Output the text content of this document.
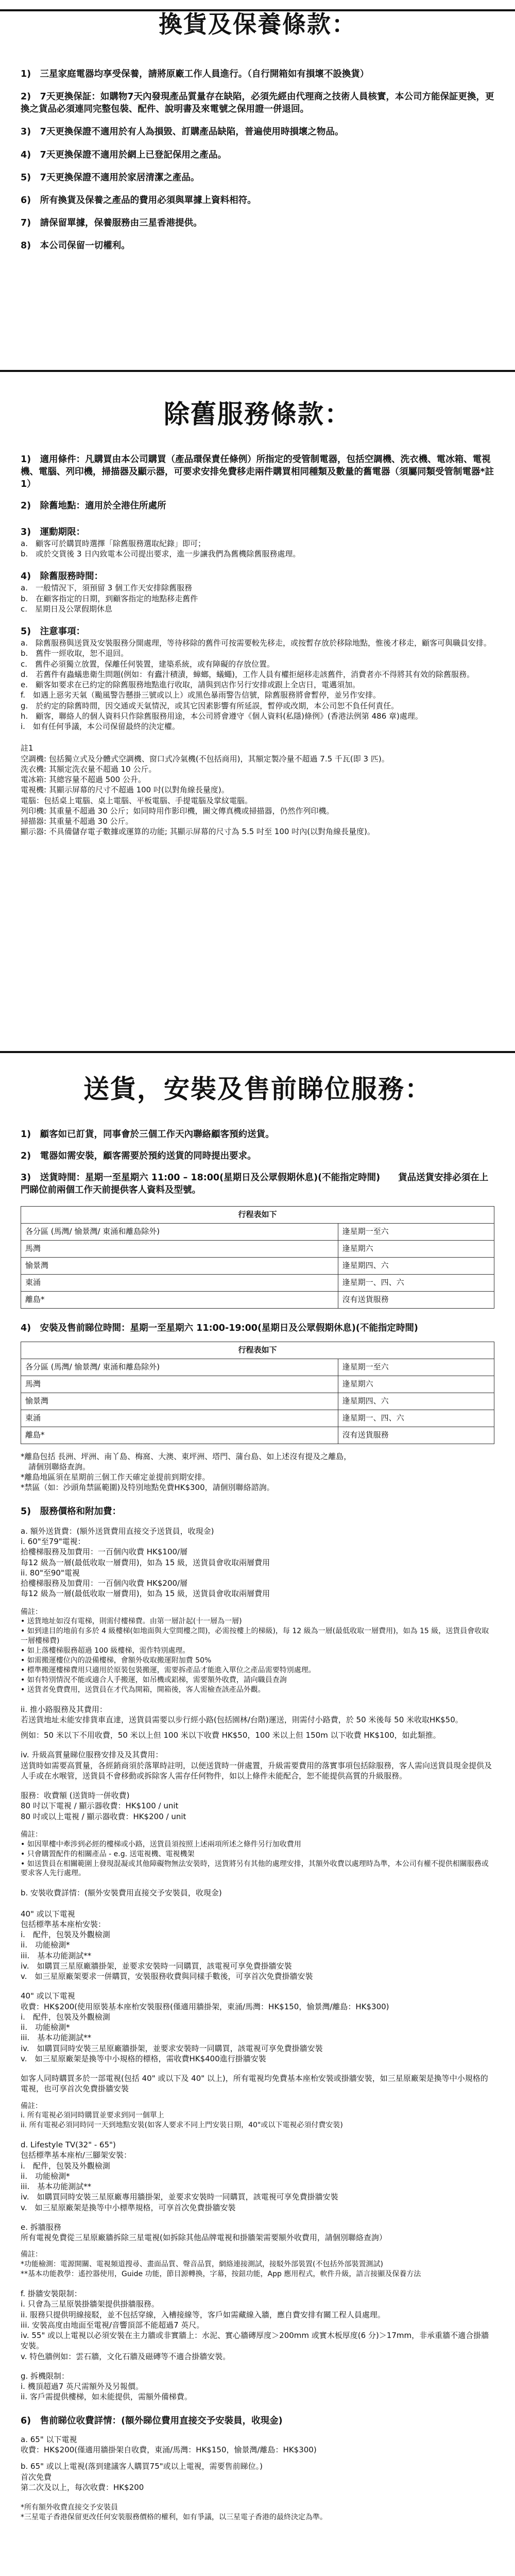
換貨及保養條款：

1)　三星家庭電器均享受保養，請將原廠工作人員進行。（自行開箱如有損壞不設換貨）

2)　7天更換保証：如購物7天內發現產品質量存在缺陷，必須先經由代理商之技術人員核實，本公司方能保証更換，更換之貨品必須連同完整包裝、配件、說明書及來電號之保用證一併退回。

3)　7天更換保證不適用於有人為損毀、訂購產品缺陷，普遍使用時損壞之物品。

4)　7天更換保證不適用於網上已登記保用之產品。

5)　7天更換保證不適用於家居清潔之產品。

6)　所有換貨及保養之產品的費用必須與單據上資料相符。

7)　請保留單據，保養服務由三星香港提供。

8)　本公司保留一切權利。

除舊服務條款：

1)　適用條件：凡購買由本公司購買（產品環保責任條例）所指定的受管制電器，包括空調機、洗衣機、電冰箱、電視機、電腦、列印機，掃描器及顯示器，可要求安排免費移走兩件購買相同種類及數量的舊電器（須屬同類受管制電器*註1）

2)　除舊地點：適用於全港住所處所

3)　運動期限：

a.　顧客可於購買時選擇「除舊服務選取紀錄」即可；
b.　或於交貨後 3 日內致電本公司提出要求，進一步讓我們為舊機除舊服務處理。

4)　除舊服務時間：

a.　一般情況下，須預留 3 個工作天安排除舊服務
b.　在顧客指定的日期，到顧客指定的地點移走舊件
c.　星期日及公眾假期休息

5)　注意事項：

a.　除舊服務與送貨及安裝服務分開處理，等待移除的舊件可按需要較先移走，或按暫存放於移除地點，惟後才移走，顧客可與職員安排。
b.　舊件一經收取，恕不退回。
c.　舊件必須獨立放置，保離任何裝置，建築系統，或有障礙的存放位置。
d.　若舊件有蟲蟻患衛生問題(例如：有蠹汁積漬，蟑螂，蟻蠅)，工作人員有權拒絕移走該舊件，消費者亦不得將其有效的除舊服務。
e.　顧客如要求在已約定的除舊服務地點進行收取，請與到店作另行安排或跟上全店日，電邁須加。
f.　如遇上惡劣天氣（颱風警告懸掛三號或以上）或黑色暴雨警告信號，除舊服務將會暫停，並另作安排。
g.　於約定的除舊時間，因交通或天氣情況，或其它因素影響有所延誤，暫停或改期，本公司恕不負任何責任。
h.　顧客，聯絡人的個人資料只作除舊服務用途，本公司將會遵守《個人資料(私隱)條例》(香港法例第 486 章)處理。
i.　如有任何爭議，本公司保留最終的決定權。
註1
空調機: 包括獨立式及分體式空調機、窗口式冷氣機(不包括商用)，其額定製冷量不超過 7.5 千瓦(即 3 匹)。
洗衣機: 其額定洗衣量不超過 10 公斤。
電冰箱: 其總容量不超過 500 公升。
電視機: 其顯示屏幕的尺寸不超過 100 吋(以對角線長量度)。
電腦：包括桌上電腦、桌上電腦、平板電腦、手提電腦及掌紋電腦。
列印機: 其重量不超過 30 公斤；如同時用作影印機，圖文傳真機或掃描器，仍然作列印機。
掃描器: 其重量不超過 30 公斤。
顯示器: 不具備儲存電子數據或運算的功能; 其顯示屏幕的尺寸為 5.5 吋至 100 吋內(以對角線長量度)。
送貨，安裝及售前睇位服務：

1)　顧客如已訂貨，同事會於三個工作天內聯絡顧客預約送貨。

2)　電器如需安裝，顧客需要於預約送貨的同時提出要求。

3)　送貨時間：星期一至星期六 11:00 – 18:00(星期日及公眾假期休息)(不能指定時間)　　貨品送貨安排必須在上門睇位前兩個工作天前提供客人資料及型號。

行程表如下	
各分區 (馬灣/ 愉景灣/ 東涌和離島除外)	逢星期一至六
馬灣	逢星期六
愉景灣	逢星期四、六
東涌	逢星期一、四、六
離島*	沒有送貨服務

4)　安裝及售前睇位時間：星期一至星期六 11:00-19:00(星期日及公眾假期休息)(不能指定時間)

行程表如下	
各分區 (馬灣/ 愉景灣/ 東涌和離島除外)	逢星期一至六
馬灣	逢星期六
愉景灣	逢星期四、六
東涌	逢星期一、四、六
離島*	沒有送貨服務
*離島包括 長洲、坪洲、南丫島、梅窩、大澳、東坪洲、塔門、蒲台島、如上述沒有提及之離島，
　請個別聯絡查詢。
*離島地區須在星期前三個工作天確定並提前到期安排。
*禁區（如：沙頭角禁區範圍)及特別地點免費HK$300，請個別聯絡諮詢。

5)　服務價格和附加費：

a. 額外送貨費：(額外送貨費用直接交予送貨員，收現金)
i. 60"至79"電視：
拾樓梯服務及加費用：一百個內收費 HK$100/層
每12 級為一層(最低收取一層費用)，如為 15 級，送貨員會收取兩層費用
ii. 80"至90"電視
拾樓梯服務及加費用：一百個內收費 HK$200/層
每12 級為一層(最低收取一層費用)，如為 15 級，送貨員會收取兩層費用
備註：
• 送貨地址如沒有電梯，則需付樓梯費。由第一層計起(十一層為一層)
• 如到達目的地前有多於 4 級樓梯(如地面與大堂間樓之間)，必需按樓上的梯級)，每 12 級為一層(最低收取一層費用)，如為 15 級，送貨員會收取一層樓梯費)
• 如上落樓梯服務超過 100 級樓梯，需作特別處理。
• 如需搬運樓位內的設備樓梯，會額外收取搬運附加費 50%
• 標準搬運樓梯費用只適用於原裝包裝搬運，需要拆產品才能進入單位之產品需要特別處理。
• 如有特別情況不能或適合人手搬運，如吊機或鋁梯，需要額外收費，請向職員查詢
• 送貨者免費費用，送貨員在才代為開箱，開箱後，客人需檢查該產品外觀。
ii. 推小路服務及其費用：
若送貨地址未能安排貨車直達，送貨員需要以步行經小路(包括園林/台階)運送，則需付小路費，於 50 米後每 50 米收取HK$50。
例如：50 米以下不用收費，50 米以上但 100 米以下收費 HK$50，100 米以上但 150m 以下收費 HK$100，如此類推。
iv. 升級高質量睇位服務安排及及其費用：
送貨時如需要高質量，各經銷商須於落單時註明，以便送貨時一併處置，升級需要費用的落實事項包括除服務，客人需向送貨員現金提供及人手或在水喉管，送貨員不會移動或拆除客人需存任何物件，如以上條件未能配合，恕不能提供高質的升級服務。
服務：收費額 (送貨時一併收費)
80 吋以下電視 / 顯示器收費：HK$100 / unit
80 吋或以上電視 / 顯示器收費：HK$200 / unit
備註：
• 如因單樓中牽涉到必經的樓梯或小路，送貨員須按照上述兩項所述之條件另行加收費用
• 只會購置配件的相關產品 - e.g. 送電視機、電視機架
• 如送貨員在相關範圍上發現混凝或其他障礙物無法安裝時，送貨將另有其他的處理安排，其額外收費以處理時為準，本公司有權不提供相關服務或要求客人先行處理。
b. 安裝收費詳情：(額外安裝費用直接交予安裝員，收現金)
40" 或以下電視
包括標準基本座枱安裝：
i.　配件，包裝及外觀檢測
ii.　功能檢測*
iii.　基本功能測試**
iv.　如購買三星原廠牆掛架，並要求安裝時一同購買，該電視可享免費掛牆安裝
v.　如三星原廠架要求一併購買，安裝服務收費與同樣手數後，可享首次免費掛牆安裝
40" 或以下電視
收費：HK$200(使用原裝基本座枱安裝服務(僅適用牆掛架，東涌/馬灣：HK$150，愉景灣/離島：HK$300)
i.　配件，包裝及外觀檢測
ii.　功能檢測*
iii.　基本功能測試**
iv.　如購買同時安裝三星原廠牆掛架，並要求安裝時一同購買，該電視可享免費掛牆安裝
v.　如三星原廠架是換等中小規格的標格，需收費HK$400進行掛牆安裝
如客人同時購買多於一部電視(包括 40" 或以下及 40" 以上)，所有電視均免費基本座枱安裝或掛牆安裝，如三星原廠架是換等中小規格的電視，也可享首次免費掛牆安裝
備註：
i. 所有電視必須同時購買並要求到同一個單上
ii. 所有電視必須同時同一天到地點安裝(如客人要求不同上門安裝日期，40"或以下電視必須付費安裝)
d. Lifestyle TV(32" - 65")
包括標準基本座枱/三腳架安裝：
i.　配件，包裝及外觀檢測
ii.　功能檢測*
iii.　基本功能測試**
iv.　如購買同時安裝三星原廠專用牆掛架，並要求安裝時一同購買，該電視可享免費掛牆安裝
v.　如三星原廠架是換等中小標準規格，可享首次免費掛牆安裝
e. 拆牆服務
所有電視免費從三星原廠牆拆除三星電視(如拆除其他品牌電視和掛牆架需要額外收費用，請個別聯絡查詢）
備註：
*功能檢測：電源開關、電視頻道搜尋、畫面品質、聲音品質，網絡連接測試，接駁外部裝置(不包括外部裝置測試)
**基本功能教學：遙控器使用，Guide 功能，節目源轉換，字幕，按鈕功能，App 應用程式，軟件升級，語言接顯及保養方法
f. 掛牆安裝限制：
i. 只會為三星原裝掛牆架提供掛牆服務。
ii. 服務只提供明線接駁，並不包括穿線，入槽接線等，客戶如需藏線入牆，應自費安排有關工程人員處理。
iii. 安裝高度由地面至電視/音響頂部不能超過7 英尺。
iv. 55" 或以上電視以必須安裝在主力牆或非實牆上：水泥、實心牆磚厚度＞200mm 或實木板厚度(6 分)＞17mm，非承重牆不適合掛牆安裝。
v. 特色牆例如：雲石牆，文化石牆及磁磚等不適合掛牆安裝。
g. 拆機限制：
i. 機頂超過7 英尺需額外及另報價。
ii. 客戶需提供樓梯，如未能提供，需額外備梯費。

6)　售前睇位收費詳情：(額外睇位費用直接交予安裝員，收現金)

a. 65" 以下電視
收費：HK$200(僅適用牆掛架自收費，東涌/馬灣：HK$150，愉景灣/離島：HK$300)
b. 65" 或以上電視(落到建議客人購買75"或以上電視，需要售前睇位。)
首次免費
第二次及以上，每次收費：HK$200
*所有額外收費直接交予安裝員
*三星電子香港保留更改任何安裝服務價格的權利，如有爭議，以三星電子香港的最終決定為準。
